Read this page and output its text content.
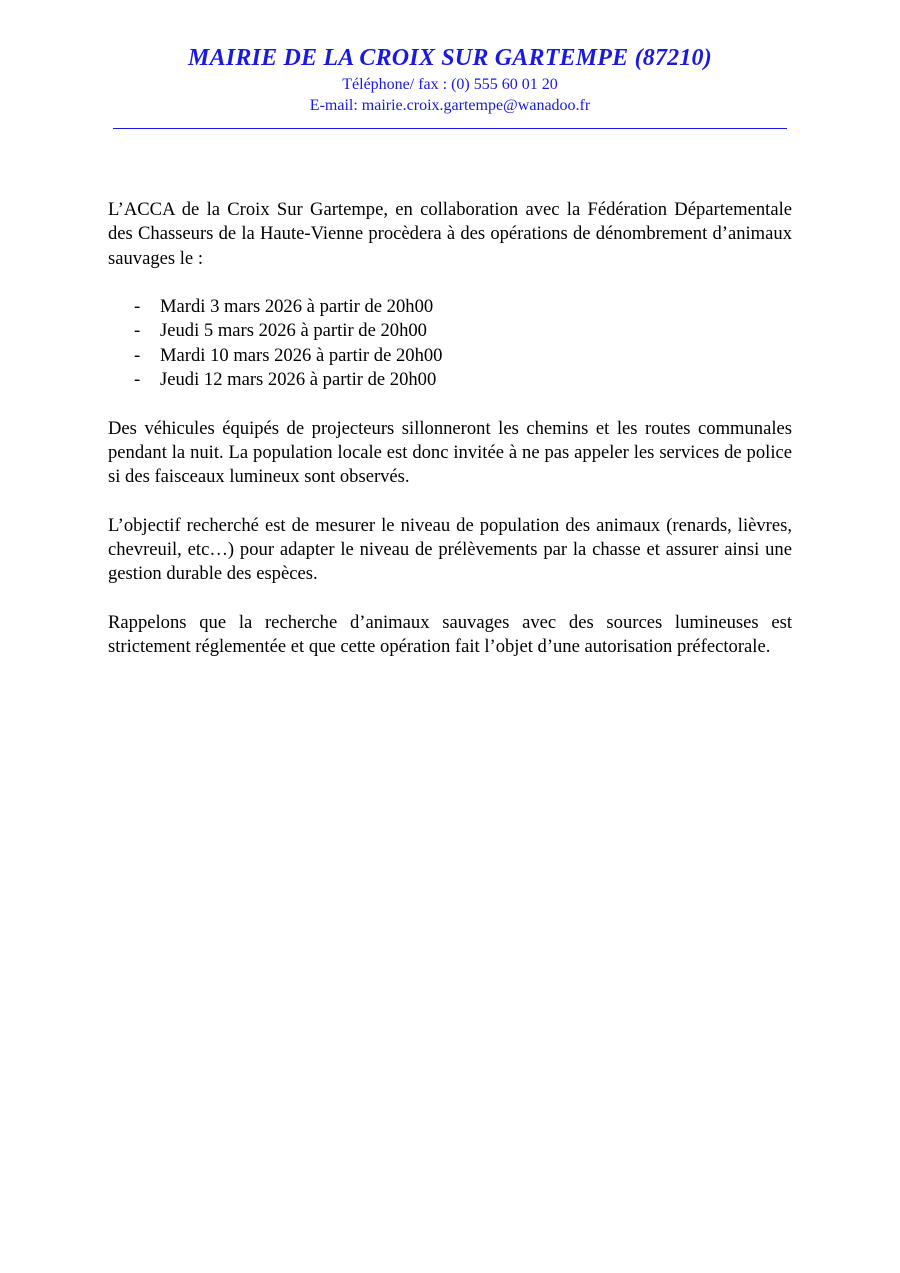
MAIRIE DE LA CROIX SUR GARTEMPE (87210)

Téléphone/ fax : (0) 555 60 01 20

E-mail: mairie.croix.gartempe@wanadoo.fr

L’ACCA de la Croix Sur Gartempe, en collaboration avec la Fédération Départementale des Chasseurs de la Haute-Vienne procèdera à des opérations de dénombrement d’animaux sauvages le :

- Mardi 3 mars 2026 à partir de 20h00
- Jeudi 5 mars 2026 à partir de 20h00
- Mardi 10 mars 2026 à partir de 20h00
- Jeudi 12 mars 2026 à partir de 20h00

Des véhicules équipés de projecteurs sillonneront les chemins et les routes communales pendant la nuit. La population locale est donc invitée à ne pas appeler les services de police si des faisceaux lumineux sont observés.

L’objectif recherché est de mesurer le niveau de population des animaux (renards, lièvres, chevreuil, etc…) pour adapter le niveau de prélèvements par la chasse et assurer ainsi une gestion durable des espèces.

Rappelons que la recherche d’animaux sauvages avec des sources lumineuses est strictement réglementée et que cette opération fait l’objet d’une autorisation préfectorale.
